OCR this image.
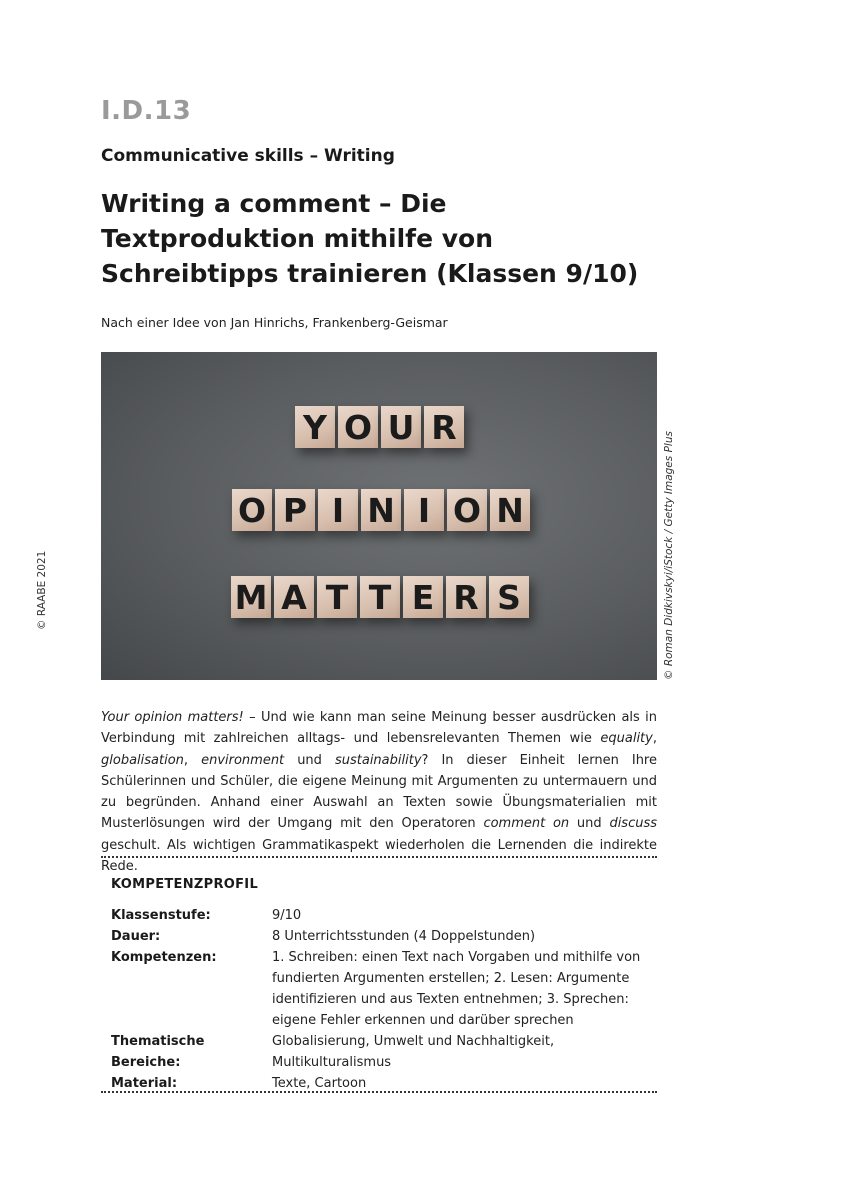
I.D.13
Communicative skills – Writing
Writing a comment – Die Textproduktion mithilfe von Schreibtipps trainieren (Klassen 9/10)
Nach einer Idee von Jan Hinrichs, Frankenberg-Geismar
Y O U R
O P I N I O N
M A T T E R S	© Roman Didkivskyi/iStock / Getty Images Plus
© RAABE 2021
Your opinion matters! – Und wie kann man seine Meinung besser ausdrücken als in Verbindung mit zahlreichen alltags- und lebensrelevanten Themen wie equality, globalisation, environment und sustainability? In dieser Einheit lernen Ihre Schülerinnen und Schüler, die eigene Meinung mit Argumenten zu untermauern und zu begründen. Anhand einer Auswahl an Texten sowie Übungsmaterialien mit Musterlösungen wird der Umgang mit den Operatoren comment on und discuss geschult. Als wichtigen Grammatikaspekt wiederholen die Lernenden die indirekte Rede.
KOMPETENZPROFIL
Klassenstufe:	9/10
Dauer:	8 Unterrichtsstunden (4 Doppelstunden)
Kompetenzen:	1. Schreiben: einen Text nach Vorgaben und mithilfe von fundierten Argumenten erstellen; 2. Lesen: Argumente identifizieren und aus Texten entnehmen; 3. Sprechen: eigene Fehler erkennen und darüber sprechen
Thematische Bereiche:
Globalisierung, Umwelt und Nachhaltigkeit, Multikulturalismus
Material:	Texte, Cartoon
